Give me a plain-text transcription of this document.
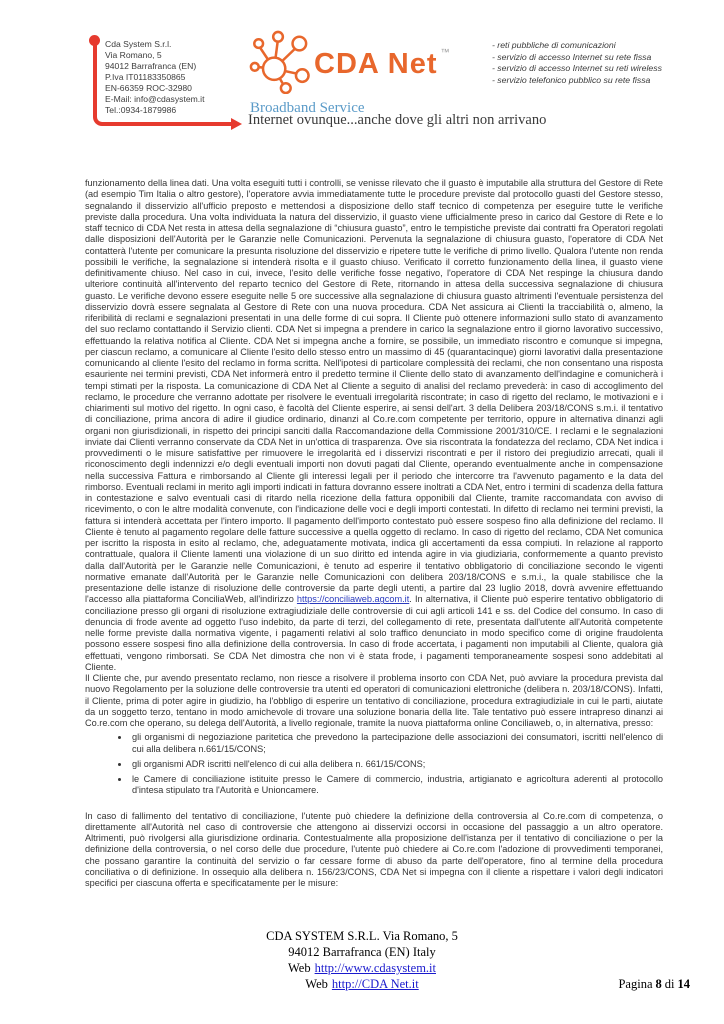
Cda System S.r.l.
Via Romano, 5
94012 Barrafranca (EN)
P.Iva IT01183350865
EN-66359 ROC-32980
E-Mail: info@cdasystem.it
Tel.:0934-1879986
CDA Net ™
Broadband Service
Internet ovunque...anche dove gli altri non arrivano
- reti pubbliche di comunicazioni
- servizio di accesso Internet su rete fissa
- servizio di accesso Internet su reti wireless
- servizio telefonico pubblico su rete fissa

funzionamento della linea dati. Una volta eseguiti tutti i controlli, se venisse rilevato che il guasto è imputabile alla struttura del Gestore di Rete (ad esempio Tim Italia o altro gestore), l'operatore avvia immediatamente tutte le procedure previste dal protocollo guasti del Gestore stesso, segnalando il disservizio all'ufficio preposto e mettendosi a disposizione dello staff tecnico di competenza per eseguire tutte le verifiche previste dalla procedura. Una volta individuata la natura del disservizio, il guasto viene ufficialmente preso in carico dal Gestore di Rete e lo staff tecnico di CDA Net resta in attesa della segnalazione di “chiusura guasto”, entro le tempistiche previste dai contratti fra Operatori regolati dalle disposizioni dell'Autorità per le Garanzie nelle Comunicazioni. Pervenuta la segnalazione di chiusura guasto, l'operatore di CDA Net contatterà l'utente per comunicare la presunta risoluzione del disservizio e ripetere tutte le verifiche di primo livello. Qualora l'utente non renda possibili le verifiche, la segnalazione si intenderà risolta e il guasto chiuso. Verificato il corretto funzionamento della linea, il guasto viene definitivamente chiuso. Nel caso in cui, invece, l'esito delle verifiche fosse negativo, l'operatore di CDA Net respinge la chiusura dando ulteriore continuità all'intervento del reparto tecnico del Gestore di Rete, ritornando in attesa della successiva segnalazione di chiusura guasto. Le verifiche devono essere eseguite nelle 5 ore successive alla segnalazione di chiusura guasto altrimenti l'eventuale persistenza del disservizio dovrà essere segnalata al Gestore di Rete con una nuova procedura. CDA Net assicura ai Clienti la tracciabilità o, almeno, la riferibilità di reclami e segnalazioni presentati in una delle forme di cui sopra. Il Cliente può ottenere informazioni sullo stato di avanzamento del suo reclamo contattando il Servizio clienti. CDA Net si impegna a prendere in carico la segnalazione entro il giorno lavorativo successivo, effettuando la relativa notifica al Cliente. CDA Net si impegna anche a fornire, se possibile, un immediato riscontro e comunque si impegna, per ciascun reclamo, a comunicare al Cliente l'esito dello stesso entro un massimo di 45 (quarantacinque) giorni lavorativi dalla presentazione comunicando al cliente l'esito del reclamo in forma scritta. Nell'ipotesi di particolare complessità dei reclami, che non consentano una risposta esauriente nei termini previsti, CDA Net informerà entro il predetto termine il Cliente dello stato di avanzamento dell'indagine e comunicherà i tempi stimati per la risposta. La comunicazione di CDA Net al Cliente a seguito di analisi del reclamo prevederà: in caso di accoglimento del reclamo, le procedure che verranno adottate per risolvere le eventuali irregolarità riscontrate; in caso di rigetto del reclamo, le motivazioni e i chiarimenti sul motivo del rigetto. In ogni caso, è facoltà del Cliente esperire, ai sensi dell'art. 3 della Delibera 203/18/CONS s.m.i. il tentativo di conciliazione, prima ancora di adire il giudice ordinario, dinanzi al Co.re.com competente per territorio, oppure in alternativa dinanzi agli organi non giurisdizionali, in rispetto dei principi sanciti dalla Raccomandazione della Commissione 2001/310/CE. I reclami e le segnalazioni inviate dai Clienti verranno conservate da CDA Net in un'ottica di trasparenza. Ove sia riscontrata la fondatezza del reclamo, CDA Net indica i provvedimenti o le misure satisfattive per rimuovere le irregolarità ed i disservizi riscontrati e per il ristoro dei pregiudizio arrecati, quali il riconoscimento degli indennizzi e/o degli eventuali importi non dovuti pagati dal Cliente, operando eventualmente anche in compensazione nella successiva Fattura e rimborsando al Cliente gli interessi legali per il periodo che intercorre tra l'avvenuto pagamento e la data del rimborso. Eventuali reclami in merito agli importi indicati in fattura dovranno essere inoltrati a CDA Net, entro i termini di scadenza della fattura in contestazione e salvo eventuali casi di ritardo nella ricezione della fattura opponibili dal Cliente, tramite raccomandata con avviso di ricevimento, o con le altre modalità convenute, con l'indicazione delle voci e degli importi contestati. In difetto di reclamo nei termini previsti, la fattura si intenderà accettata per l'intero importo. Il pagamento dell'importo contestato può essere sospeso fino alla definizione del reclamo. Il Cliente è tenuto al pagamento regolare delle fatture successive a quella oggetto di reclamo. In caso di rigetto del reclamo, CDA Net comunica per iscritto la risposta in esito al reclamo, che, adeguatamente motivata, indica gli accertamenti da essa compiuti. In relazione al rapporto contrattuale, qualora il Cliente lamenti una violazione di un suo diritto ed intenda agire in via giudiziaria, conformemente a quanto previsto dalla dall'Autorità per le Garanzie nelle Comunicazioni, è tenuto ad esperire il tentativo obbligatorio di conciliazione secondo le vigenti normative emanate dall'Autorità per le Garanzie nelle Comunicazioni con delibera 203/18/CONS e s.m.i., la quale stabilisce che la presentazione delle istanze di risoluzione delle controversie da parte degli utenti, a partire dal 23 luglio 2018, dovrà avvenire effettuando l'accesso alla piattaforma ConciliaWeb, all'indirizzo https://conciliaweb.agcom.it. In alternativa, il Cliente può esperire tentativo obbligatorio di conciliazione presso gli organi di risoluzione extragiudiziale delle controversie di cui agli articoli 141 e ss. del Codice del consumo. In caso di denuncia di frode avente ad oggetto l'uso indebito, da parte di terzi, del collegamento di rete, presentata dall'utente all'Autorità competente nelle forme previste dalla normativa vigente, i pagamenti relativi al solo traffico denunciato in modo specifico come di origine fraudolenta possono essere sospesi fino alla definizione della controversia. In caso di frode accertata, i pagamenti non imputabili al Cliente, qualora già effettuati, vengono rimborsati. Se CDA Net dimostra che non vi è stata frode, i pagamenti temporaneamente sospesi sono addebitati al Cliente.

Il Cliente che, pur avendo presentato reclamo, non riesce a risolvere il problema insorto con CDA Net, può avviare la procedura prevista dal nuovo Regolamento per la soluzione delle controversie tra utenti ed operatori di comunicazioni elettroniche (delibera n. 203/18/CONS). Infatti, il Cliente, prima di poter agire in giudizio, ha l'obbligo di esperire un tentativo di conciliazione, procedura extragiudiziale in cui le parti, aiutate da un soggetto terzo, tentano in modo amichevole di trovare una soluzione bonaria della lite. Tale tentativo può essere intrapreso dinanzi ai Co.re.com che operano, su delega dell'Autorità, a livello regionale, tramite la nuova piattaforma online Conciliaweb, o, in alternativa, presso:

• gli organismi di negoziazione paritetica che prevedono la partecipazione delle associazioni dei consumatori, iscritti nell'elenco di cui alla delibera n.661/15/CONS;
• gli organismi ADR iscritti nell'elenco di cui alla delibera n. 661/15/CONS;
• le Camere di conciliazione istituite presso le Camere di commercio, industria, artigianato e agricoltura aderenti al protocollo d'intesa stipulato tra l'Autorità e Unioncamere.

In caso di fallimento del tentativo di conciliazione, l'utente può chiedere la definizione della controversia al Co.re.com di competenza, o direttamente all'Autorità nel caso di controversie che attengono ai disservizi occorsi in occasione del passaggio a un altro operatore. Altrimenti, può rivolgersi alla giurisdizione ordinaria. Contestualmente alla proposizione dell'istanza per il tentativo di conciliazione o per la definizione della controversia, o nel corso delle due procedure, l'utente può chiedere ai Co.re.com l'adozione di provvedimenti temporanei, che possano garantire la continuità del servizio o far cessare forme di abuso da parte dell'operatore, fino al termine della procedura conciliativa o di definizione. In ossequio alla delibera n. 156/23/CONS, CDA Net si impegna con il cliente a rispettare i valori degli indicatori specifici per ciascuna offerta e specificatamente per le misure:

CDA SYSTEM S.R.L. Via Romano, 5
94012 Barrafranca (EN) Italy
Web http://www.cdasystem.it
Web http://CDA Net.it	Pagina 8 di 14
